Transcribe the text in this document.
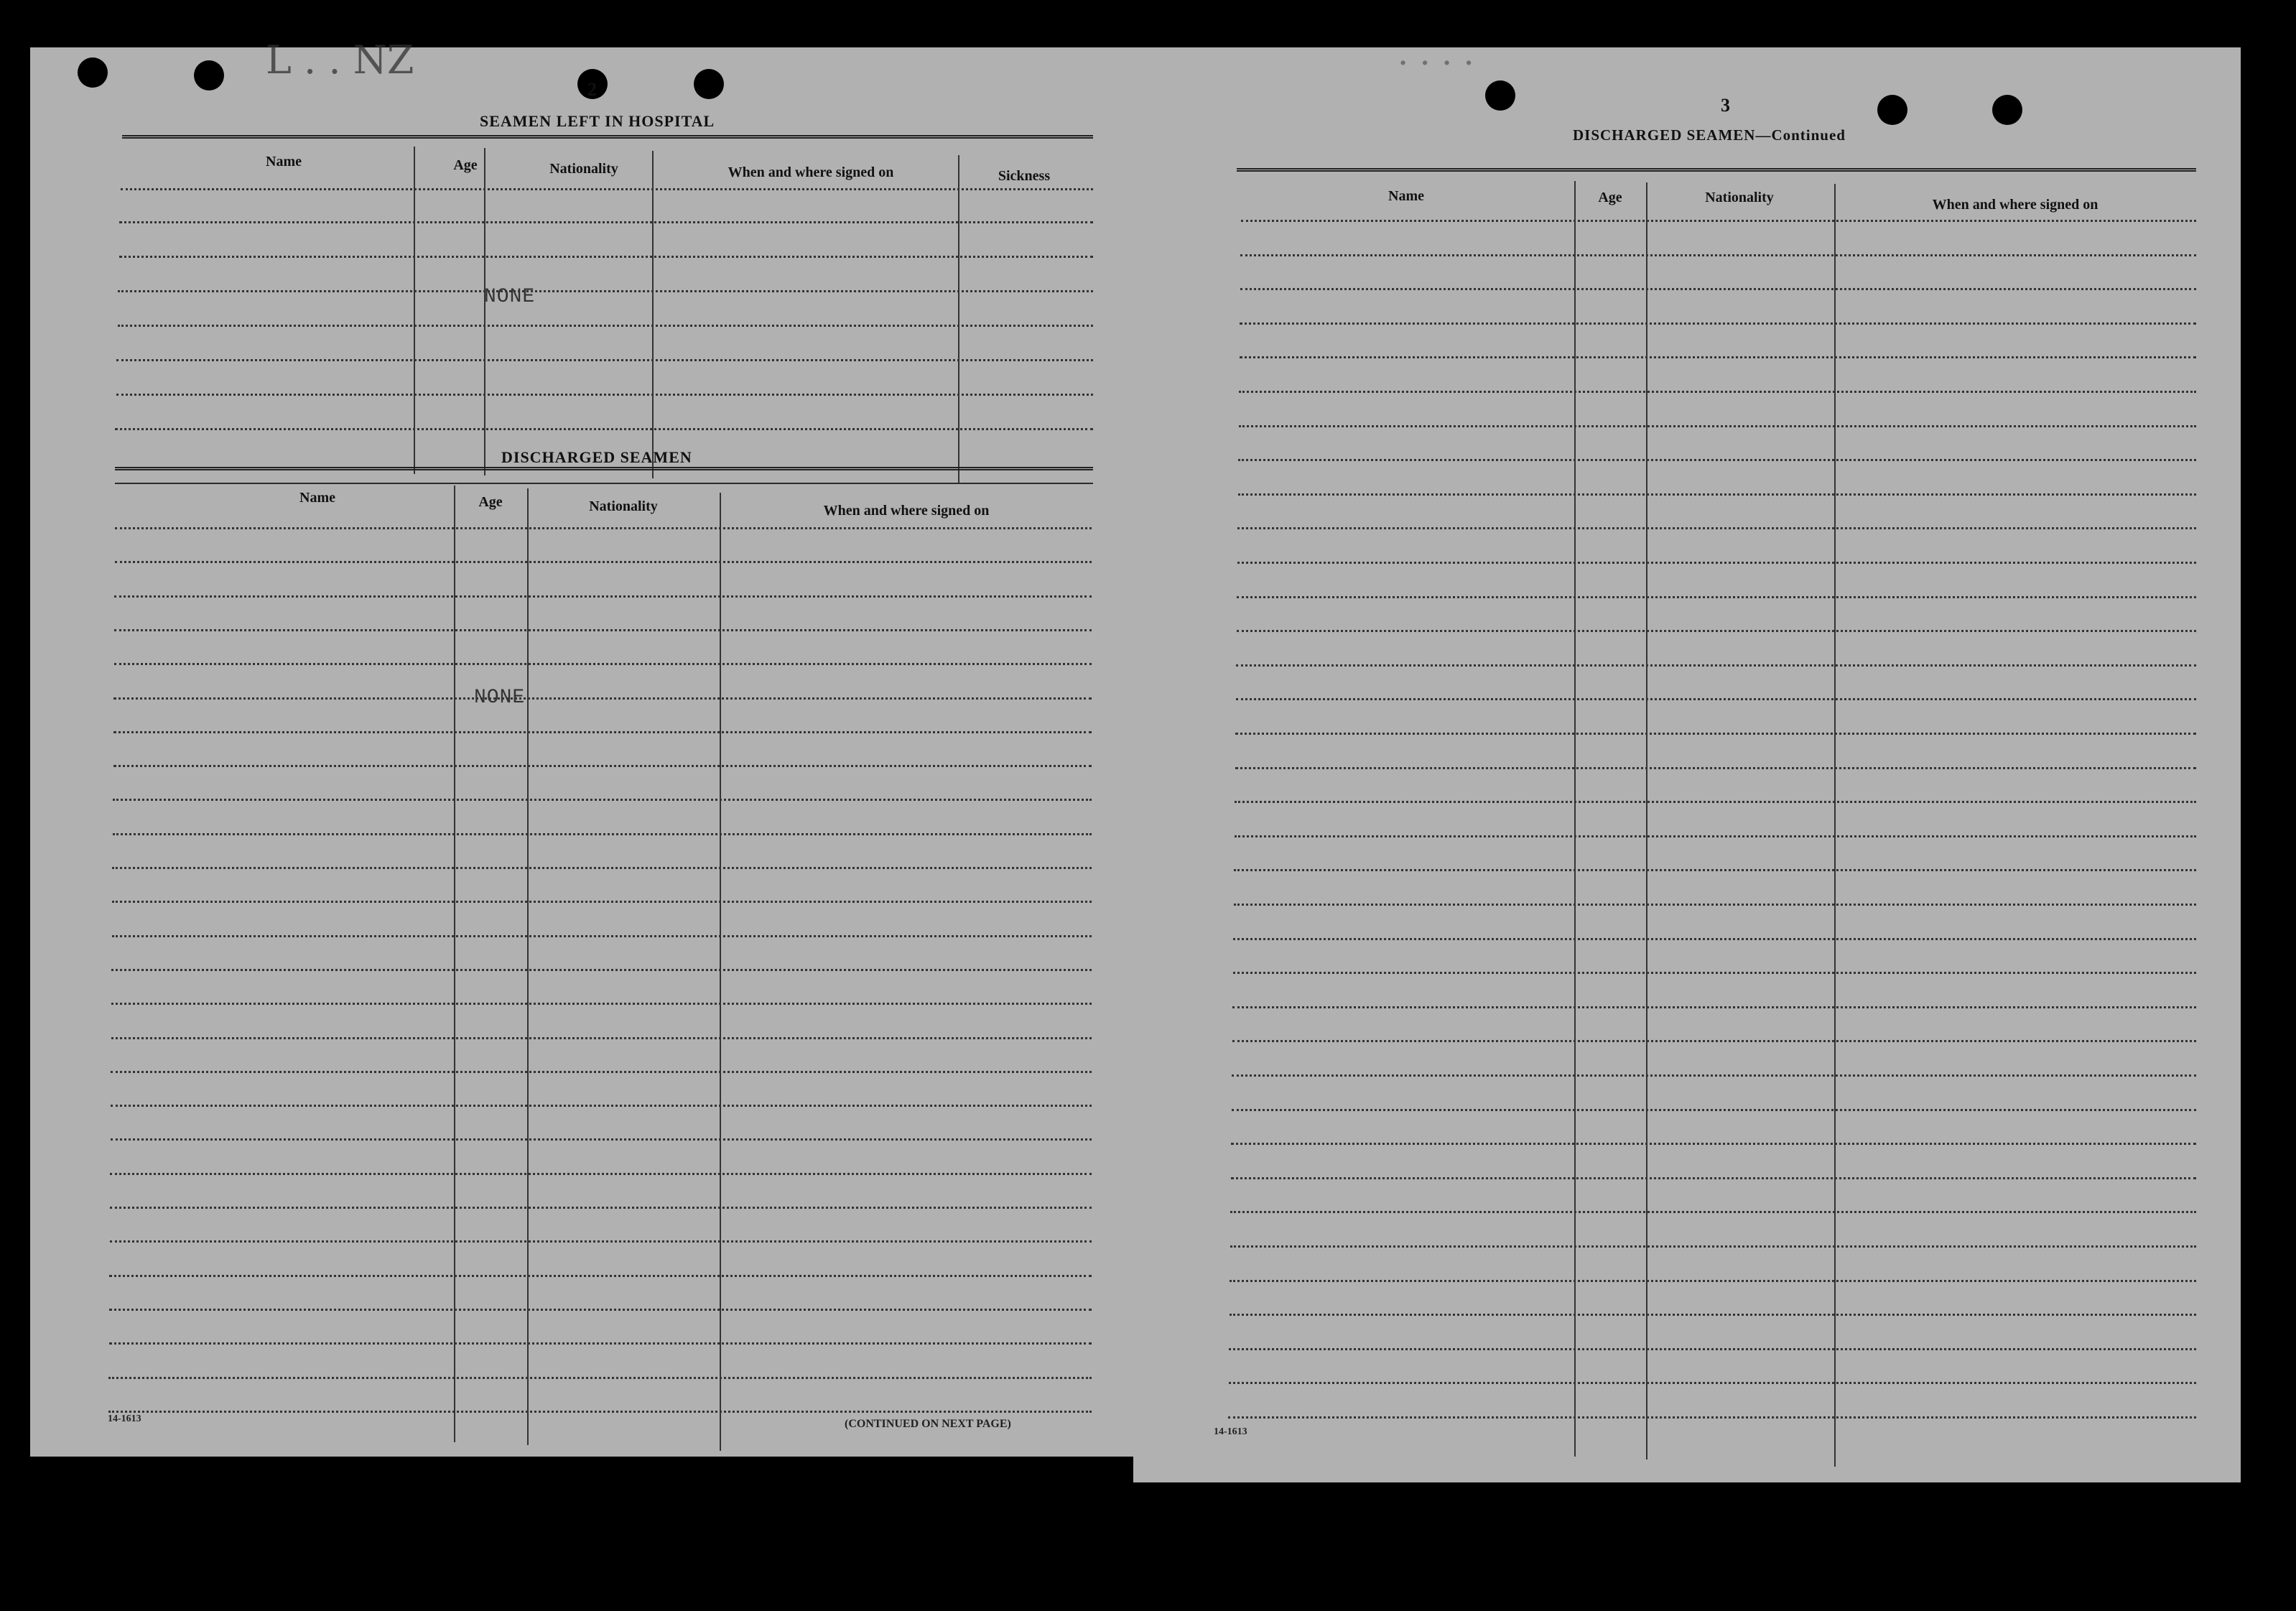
L . . NZ
2
SEAMEN LEFT IN HOSPITAL
Name	Age	Nationality	When and where signed on	Sickness
NONE
DISCHARGED SEAMEN
Name	Age	Nationality	When and where signed on
NONE
14-1613	(CONTINUED ON NEXT PAGE)
· · · ·
3
DISCHARGED SEAMEN—Continued
Name	Age	Nationality	When and where signed on
14-1613
